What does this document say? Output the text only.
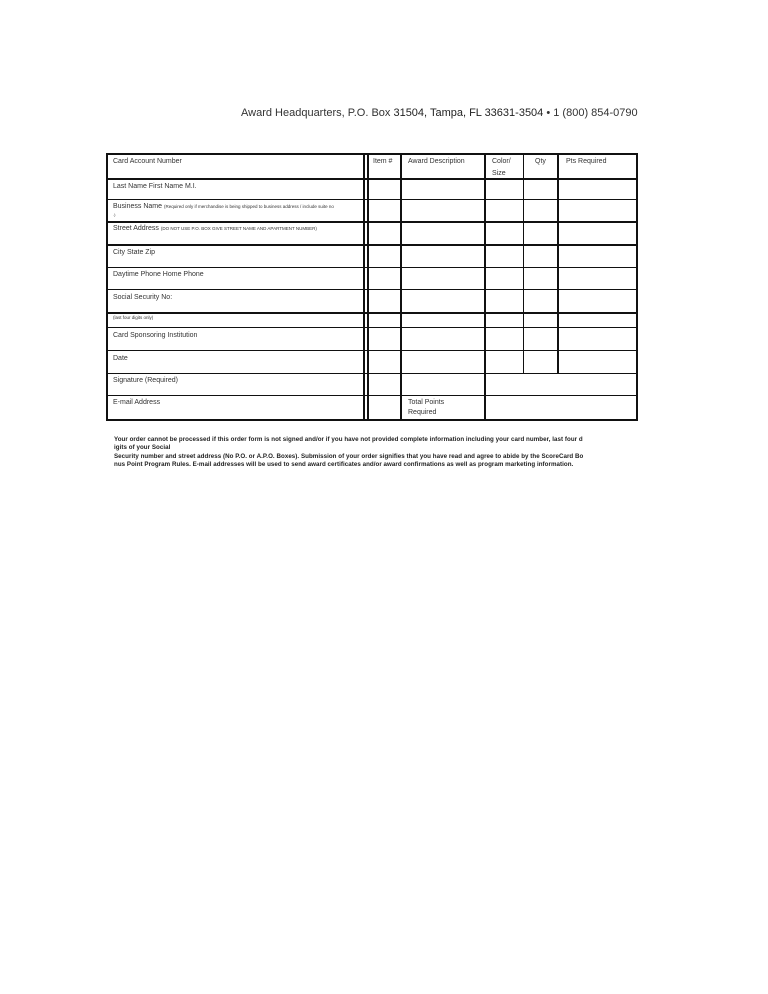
Award Headquarters, P.O. Box 31504, Tampa, FL 33631-3504 • 1 (800) 854-0790
Card Account Number
Last Name First Name M.I.
Business Name (Required only if merchandise is being shipped to business address / include suite no
.)
Street Address (DO NOT USE P.O. BOX GIVE STREET NAME AND APARTMENT NUMBER)
City State Zip
Daytime Phone Home Phone
Social Security No:
(last four digits only)
Card Sponsoring Institution
Date
Signature (Required)
E-mail Address
Item # Award Description	Color/
Size
Qty	Pts Required
Total Points
Required

Your order cannot be processed if this order form is not signed and/or if you have not provided complete information including your card number, last four d

igits of your Social

Security number and street address (No P.O. or A.P.O. Boxes). Submission of your order signifies that you have read and agree to abide by the ScoreCard Bo

nus Point Program Rules. E-mail addresses will be used to send award certificates and/or award confirmations as well as program marketing information.
